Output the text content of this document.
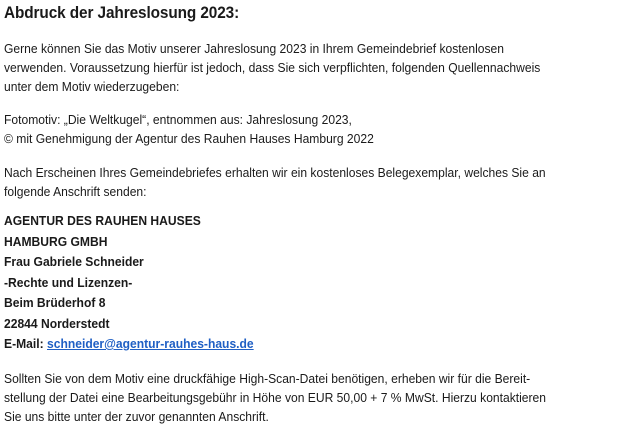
Abdruck der Jahreslosung 2023:

Gerne können Sie das Motiv unserer Jahreslosung 2023 in Ihrem Gemeindebrief kostenlosen
verwenden. Voraussetzung hierfür ist jedoch, dass Sie sich verpflichten, folgenden Quellennachweis
unter dem Motiv wiederzugeben:

Fotomotiv: „Die Weltkugel“, entnommen aus: Jahreslosung 2023,
© mit Genehmigung der Agentur des Rauhen Hauses Hamburg 2022

Nach Erscheinen Ihres Gemeindebriefes erhalten wir ein kostenloses Belegexemplar, welches Sie an
folgende Anschrift senden:

AGENTUR DES RAUHEN HAUSES
HAMBURG GMBH
Frau Gabriele Schneider
-Rechte und Lizenzen-
Beim Brüderhof 8
22844 Norderstedt
E-Mail: schneider@agentur-rauhes-haus.de

Sollten Sie von dem Motiv eine druckfähige High-Scan-Datei benötigen, erheben wir für die Bereit-
stellung der Datei eine Bearbeitungsgebühr in Höhe von EUR 50,00 + 7 % MwSt. Hierzu kontaktieren
Sie uns bitte unter der zuvor genannten Anschrift.
